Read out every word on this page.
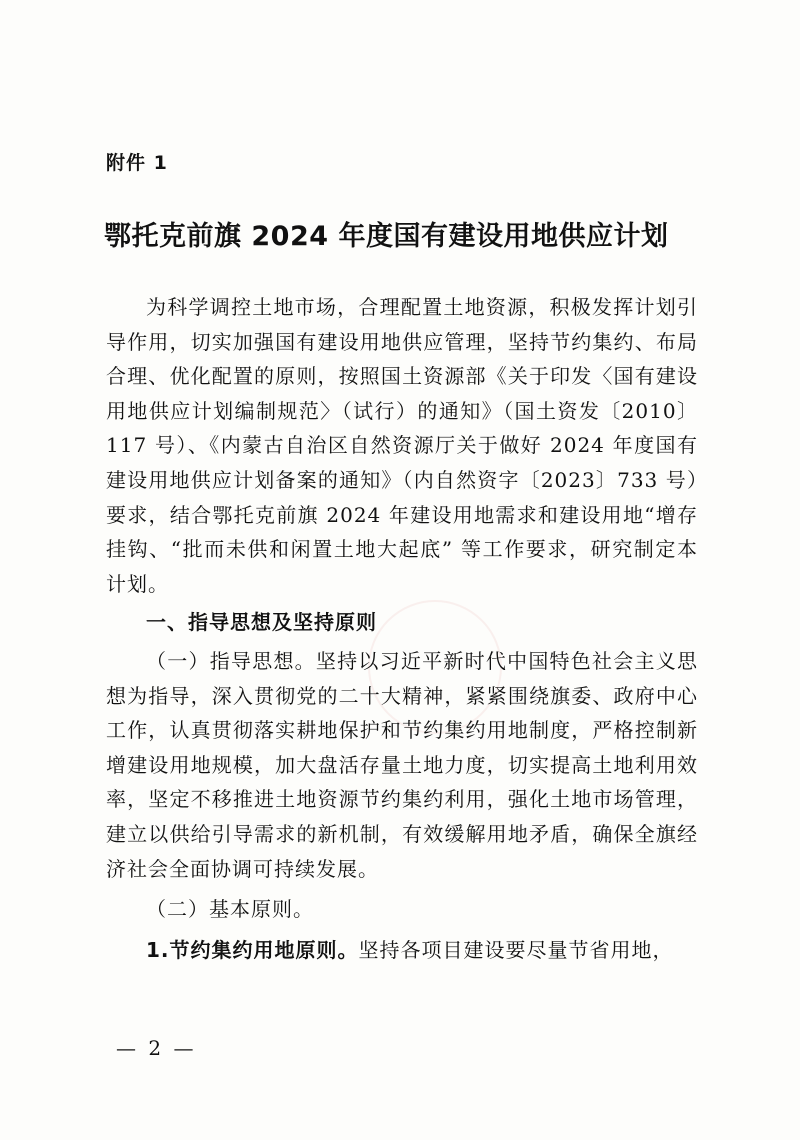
附件 1
鄂托克前旗 2024 年度国有建设用地供应计划

为科学调控土地市场，合理配置土地资源，积极发挥计划引导作用，切实加强国有建设用地供应管理，坚持节约集约、布局合理、优化配置的原则，按照国土资源部《关于印发〈国有建设用地供应计划编制规范〉（试行）的通知》（国土资发〔2010〕117 号）、《内蒙古自治区自然资源厅关于做好 2024 年度国有建设用地供应计划备案的通知》（内自然资字〔2023〕733 号）要求，结合鄂托克前旗 2024 年建设用地需求和建设用地“增存挂钩、“批而未供和闲置土地大起底” 等工作要求，研究制定本计划。

一、指导思想及坚持原则

（一）指导思想。坚持以习近平新时代中国特色社会主义思想为指导，深入贯彻党的二十大精神，紧紧围绕旗委、政府中心工作，认真贯彻落实耕地保护和节约集约用地制度，严格控制新增建设用地规模，加大盘活存量土地力度，切实提高土地利用效率，坚定不移推进土地资源节约集约利用，强化土地市场管理，建立以供给引导需求的新机制，有效缓解用地矛盾，确保全旗经济社会全面协调可持续发展。

（二）基本原则。

1.节约集约用地原则。坚持各项目建设要尽量节省用地，

— 2 —
